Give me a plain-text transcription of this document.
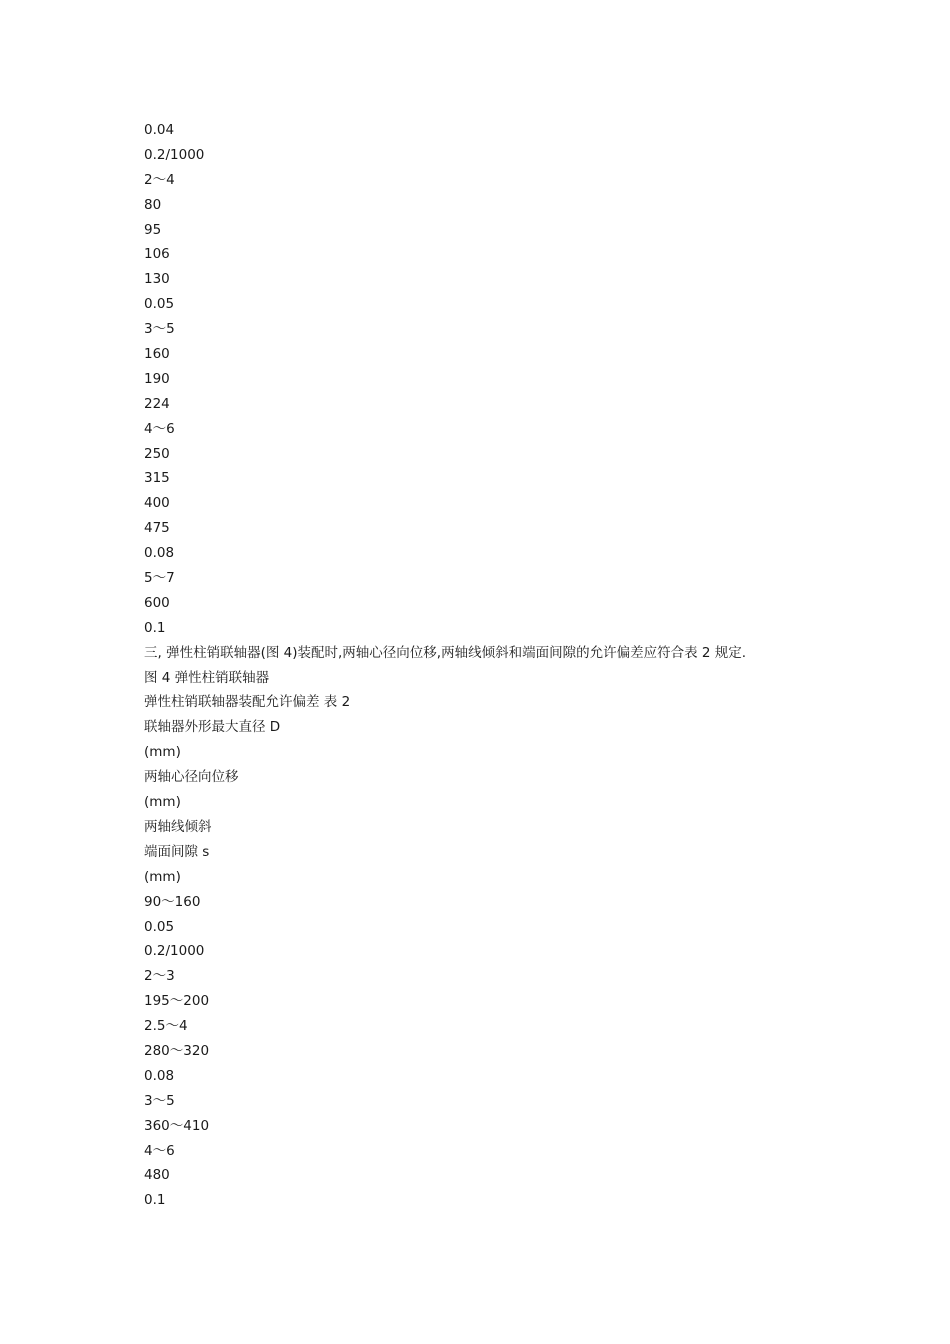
0.04
0.2/1000
2～4
80
95
106
130
0.05
3～5
160
190
224
4～6
250
315
400
475
0.08
5～7
600
0.1
三, 弹性柱销联轴器(图 4)装配时,两轴心径向位移,两轴线倾斜和端面间隙的允许偏差应符合表 2 规定.
图 4 弹性柱销联轴器
弹性柱销联轴器装配允许偏差 表 2
联轴器外形最大直径 D
(mm)
两轴心径向位移
(mm)
两轴线倾斜
端面间隙 s
(mm)
90～160
0.05
0.2/1000
2～3
195～200
2.5～4
280～320
0.08
3～5
360～410
4～6
480
0.1
